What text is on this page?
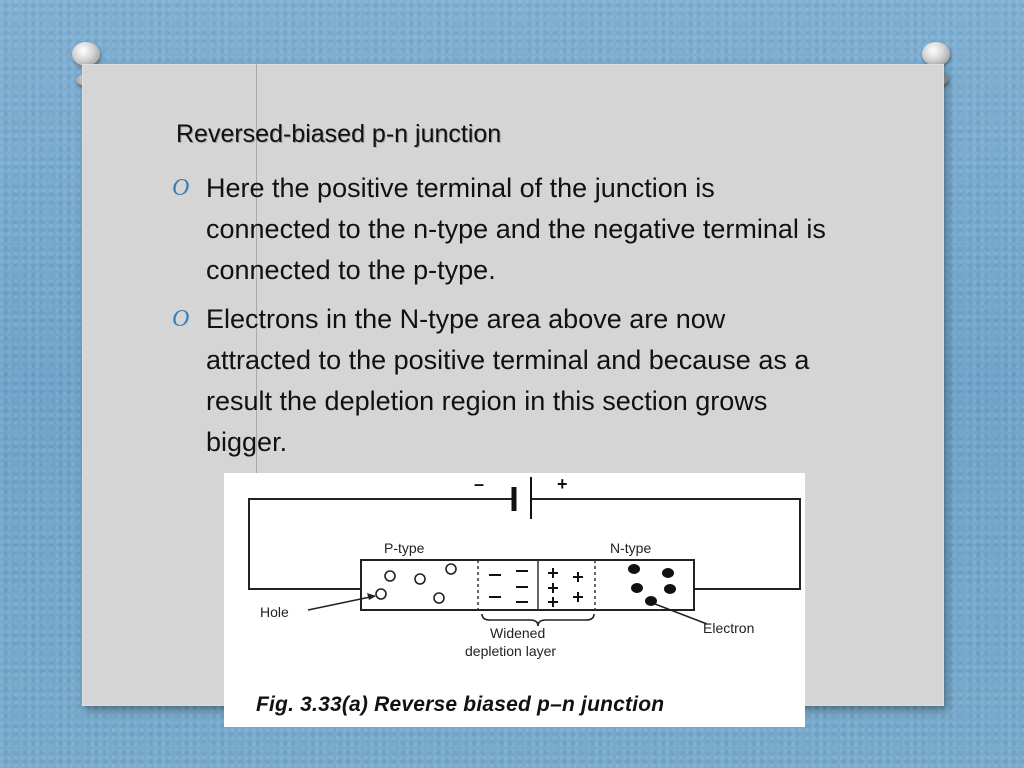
Reversed-biased p-n junction
O Here the positive terminal of the junction is connected to the n-type and the negative terminal is connected to the p-type.
O Electrons in the N-type area above are now attracted to the positive terminal and because as a result the depletion region in this section grows bigger.
–	+
P-type	N-type
Hole
Electron
Widened
depletion layer

Fig. 3.33(a) Reverse biased p–n junction
